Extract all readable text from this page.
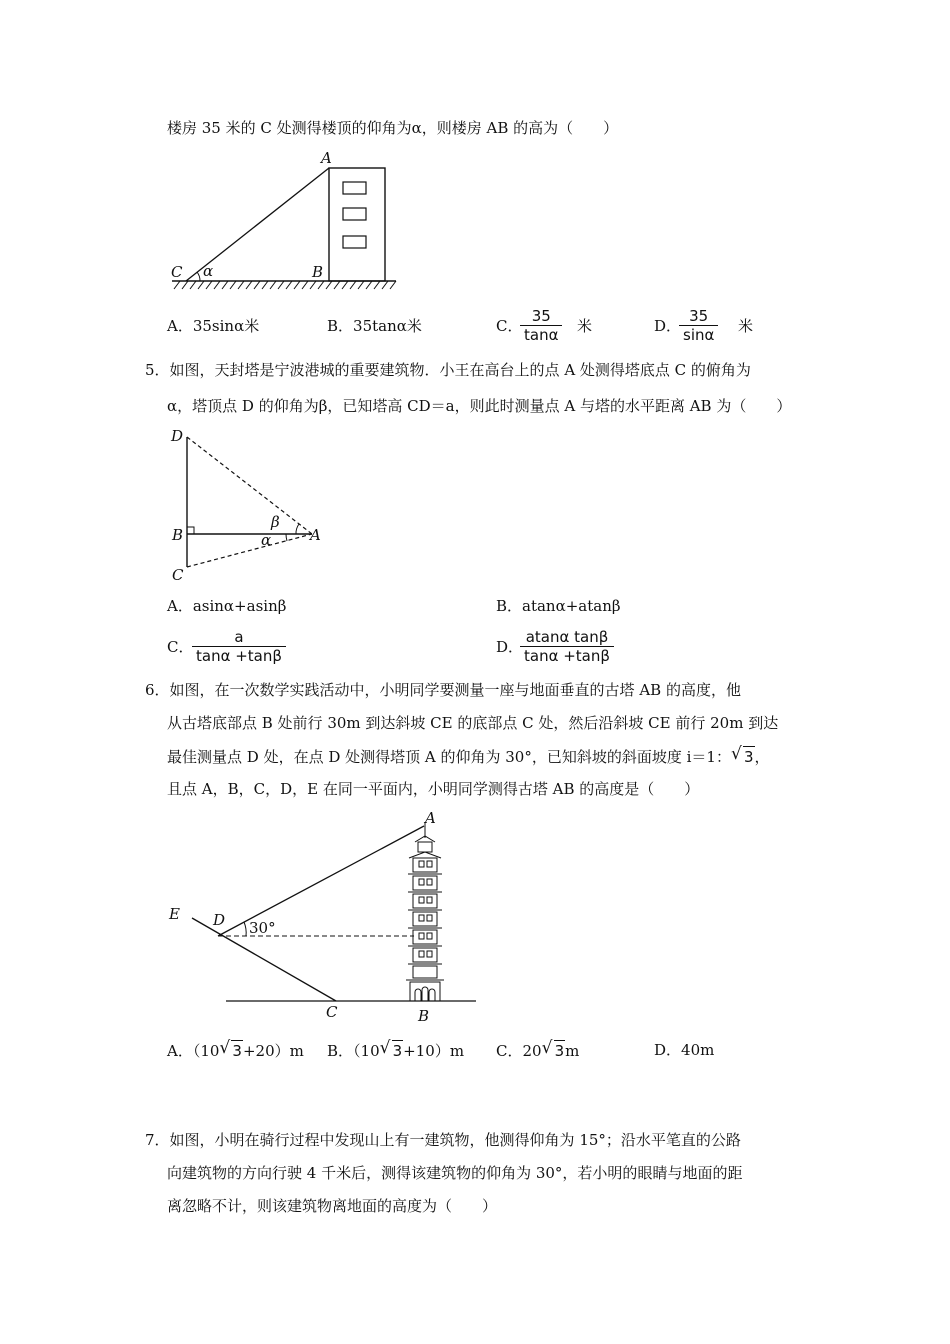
楼房 35 米的 C 处测得楼顶的仰角为α，则楼房 AB 的高为（　　）
A
B
C α
A．35sinα米	B．35tanα米	C．
35
tanα 米	D．
35
sinα 米
5．如图，天封塔是宁波港城的重要建筑物．小王在高台上的点 A 处测得塔底点 C 的俯角为
α，塔顶点 D 的仰角为β，已知塔高 CD＝a，则此时测量点 A 与塔的水平距离 AB 为（　　）
D
B
C
A
β
α
A．asinα+asinβ	B．atanα+atanβ
C．
a
tanα +tanβ	D．
atanα tanβ
tanα +tanβ
6．如图，在一次数学实践活动中，小明同学要测量一座与地面垂直的古塔 AB 的高度，他
从古塔底部点 B 处前行 30m 到达斜坡 CE 的底部点 C 处，然后沿斜坡 CE 前行 20m 到达
最佳测量点 D 处，在点 D 处测得塔顶 A 的仰角为 30°，已知斜坡的斜面坡度 i＝1： √ 3，
且点 A，B，C，D，E 在同一平面内，小明同学测得古塔 AB 的高度是（　　）
E D 30°
A
C	B
A．（10 √ 3+20）m B．（10 √ 3+10）m C．20 √ 3m	D．40m
7．如图，小明在骑行过程中发现山上有一建筑物，他测得仰角为 15°；沿水平笔直的公路
向建筑物的方向行驶 4 千米后，测得该建筑物的仰角为 30°，若小明的眼睛与地面的距
离忽略不计，则该建筑物离地面的高度为（　　）
